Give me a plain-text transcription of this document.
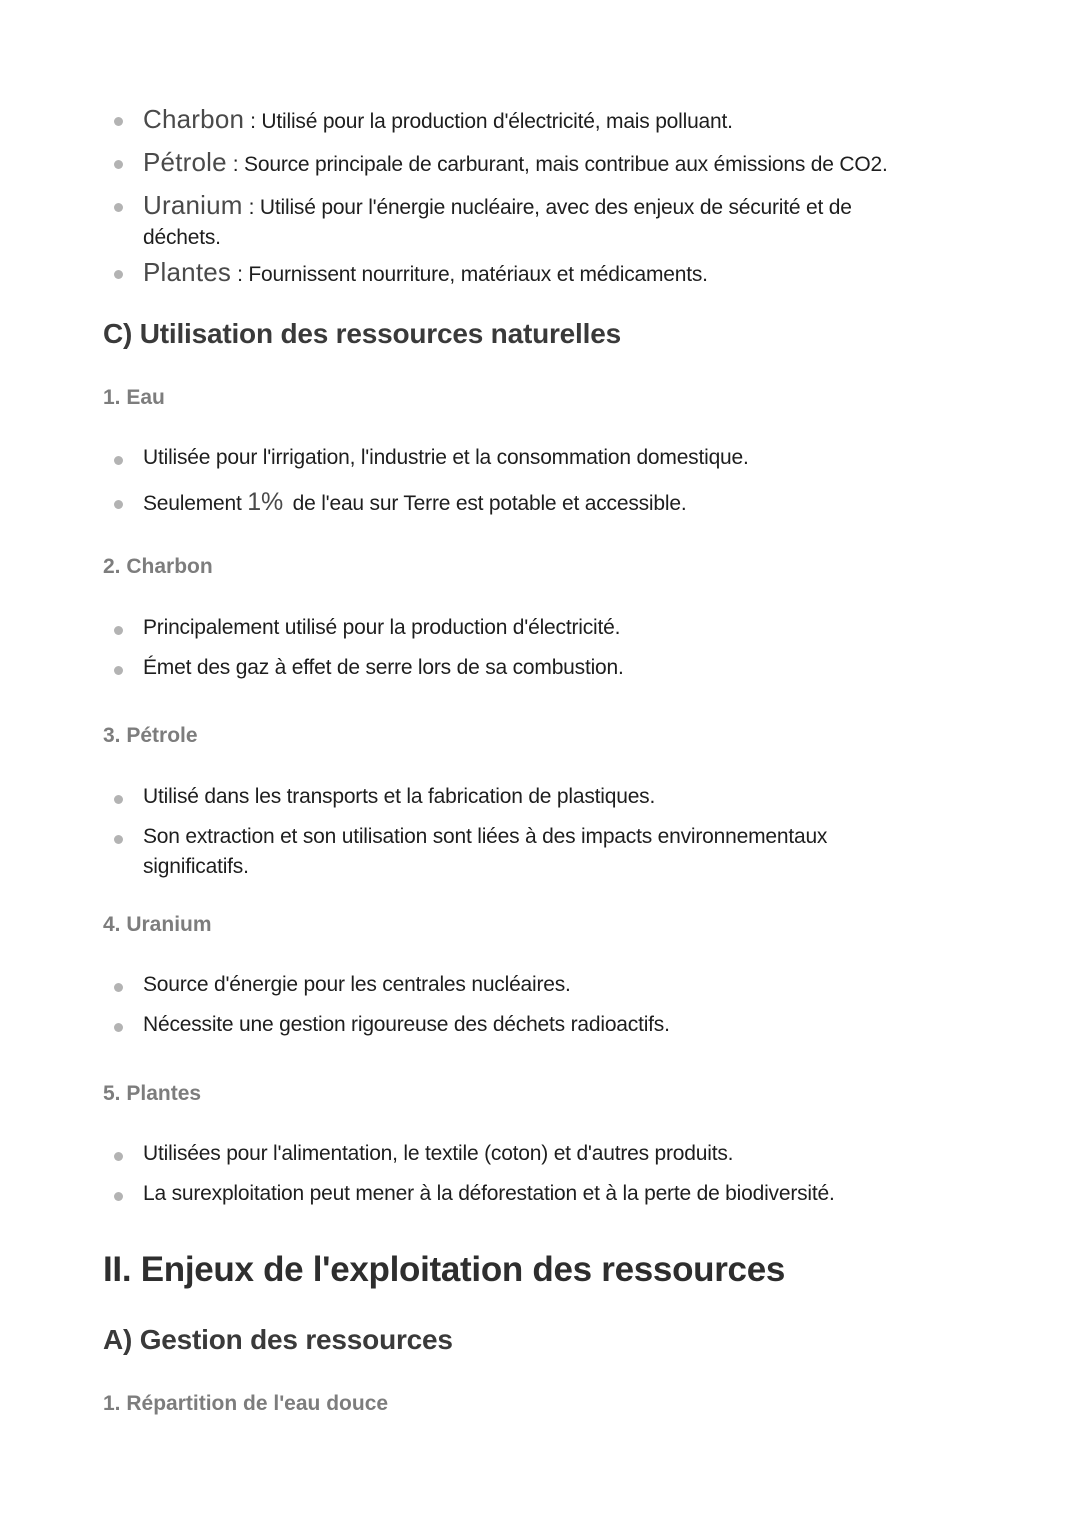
Charbon : Utilisé pour la production d'électricité, mais polluant.
Pétrole : Source principale de carburant, mais contribue aux émissions de CO2.
Uranium : Utilisé pour l'énergie nucléaire, avec des enjeux de sécurité et de déchets.
Plantes : Fournissent nourriture, matériaux et médicaments.
C) Utilisation des ressources naturelles
1. Eau
Utilisée pour l'irrigation, l'industrie et la consommation domestique.
Seulement 1% de l'eau sur Terre est potable et accessible.
2. Charbon
Principalement utilisé pour la production d'électricité.
Émet des gaz à effet de serre lors de sa combustion.
3. Pétrole
Utilisé dans les transports et la fabrication de plastiques.
Son extraction et son utilisation sont liées à des impacts environnementaux significatifs.
4. Uranium
Source d'énergie pour les centrales nucléaires.
Nécessite une gestion rigoureuse des déchets radioactifs.
5. Plantes
Utilisées pour l'alimentation, le textile (coton) et d'autres produits.
La surexploitation peut mener à la déforestation et à la perte de biodiversité.
II. Enjeux de l'exploitation des ressources
A) Gestion des ressources
1. Répartition de l'eau douce
